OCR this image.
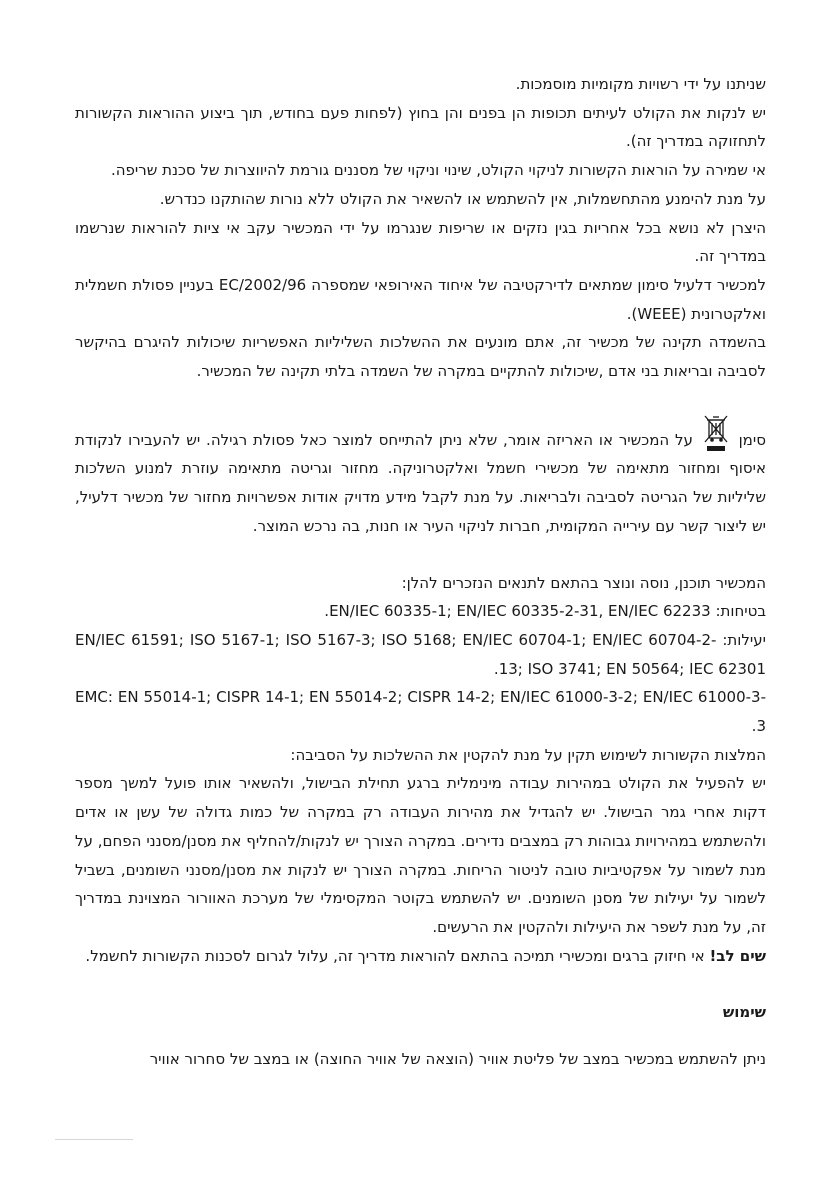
שניתנו על ידי רשויות מקומיות מוסמכות.

יש לנקות את הקולט לעיתים תכופות הן בפנים והן בחוץ (לפחות פעם בחודש, תוך ביצוע ההוראות הקשורות לתחזוקה במדריך זה).

אי שמירה על הוראות הקשורות לניקוי הקולט, שינוי וניקוי של מסננים גורמת להיווצרות של סכנת שריפה.

על מנת להימנע מהתחשמלות, אין להשתמש או להשאיר את הקולט ללא נורות שהותקנו כנדרש.

היצרן לא נושא בכל אחריות בגין נזקים או שריפות שנגרמו על ידי המכשיר עקב אי ציות להוראות שנרשמו במדריך זה.

למכשיר דלעיל סימון שמתאים לדירקטיבה של איחוד האירופאי שמספרה EC/2002/96 בעניין פסולת חשמלית ואלקטרונית (WEEE).

בהשמדה תקינה של מכשיר זה, אתם מונעים את ההשלכות השליליות האפשריות שיכולות להיגרם בהיקשר לסביבה ובריאות בני אדם ,שיכולות להתקיים במקרה של השמדה בלתי תקינה של המכשיר.

סימן  על המכשיר או האריזה אומר, שלא ניתן להתייחס למוצר כאל פסולת רגילה. יש להעבירו לנקודת איסוף ומחזור מתאימה של מכשירי חשמל ואלקטרוניקה. מחזור וגריטה מתאימה עוזרת למנוע השלכות שליליות של הגריטה לסביבה ולבריאות. על מנת לקבל מידע מדויק אודות אפשרויות מחזור של מכשיר דלעיל, יש ליצור קשר עם עירייה המקומית, חברות לניקוי העיר או חנות, בה נרכש המוצר.

המכשיר תוכנן, נוסה ונוצר בהתאם לתנאים הנזכרים להלן:

בטיחות: EN/IEC 60335-1; EN/IEC 60335-2-31, EN/IEC 62233.

יעילות: EN/IEC 61591; ISO 5167-1; ISO 5167-3; ISO 5168; EN/IEC 60704-1; EN/IEC 60704-2-13; ISO 3741; EN 50564; IEC 62301.

EMC: EN 55014-1; CISPR 14-1; EN 55014-2; CISPR 14-2; EN/IEC 61000-3-2; EN/IEC 61000-3-3.

המלצות הקשורות לשימוש תקין על מנת להקטין את ההשלכות על הסביבה:

יש להפעיל את הקולט במהירות עבודה מינימלית ברגע תחילת הבישול, ולהשאיר אותו פועל למשך מספר דקות אחרי גמר הבישול. יש להגדיל את מהירות העבודה רק במקרה של כמות גדולה של עשן או אדים ולהשתמש במהירויות גבוהות רק במצבים נדירים. במקרה הצורך יש לנקות/להחליף את מסנן/מסנני הפחם, על מנת לשמור על אפקטיביות טובה לניטור הריחות. במקרה הצורך יש לנקות את מסנן/מסנני השומנים, בשביל לשמור על יעילות של מסנן השומנים. יש להשתמש בקוטר המקסימלי של מערכת האוורור המצוינת במדריך זה, על מנת לשפר את היעילות ולהקטין את הרעשים.

שים לב! אי חיזוק ברגים ומכשירי תמיכה בהתאם להוראות מדריך זה, עלול לגרום לסכנות הקשורות לחשמל.

שימוש

ניתן להשתמש במכשיר במצב של פליטת אוויר (הוצאה של אוויר החוצה) או במצב של סחרור אוויר
